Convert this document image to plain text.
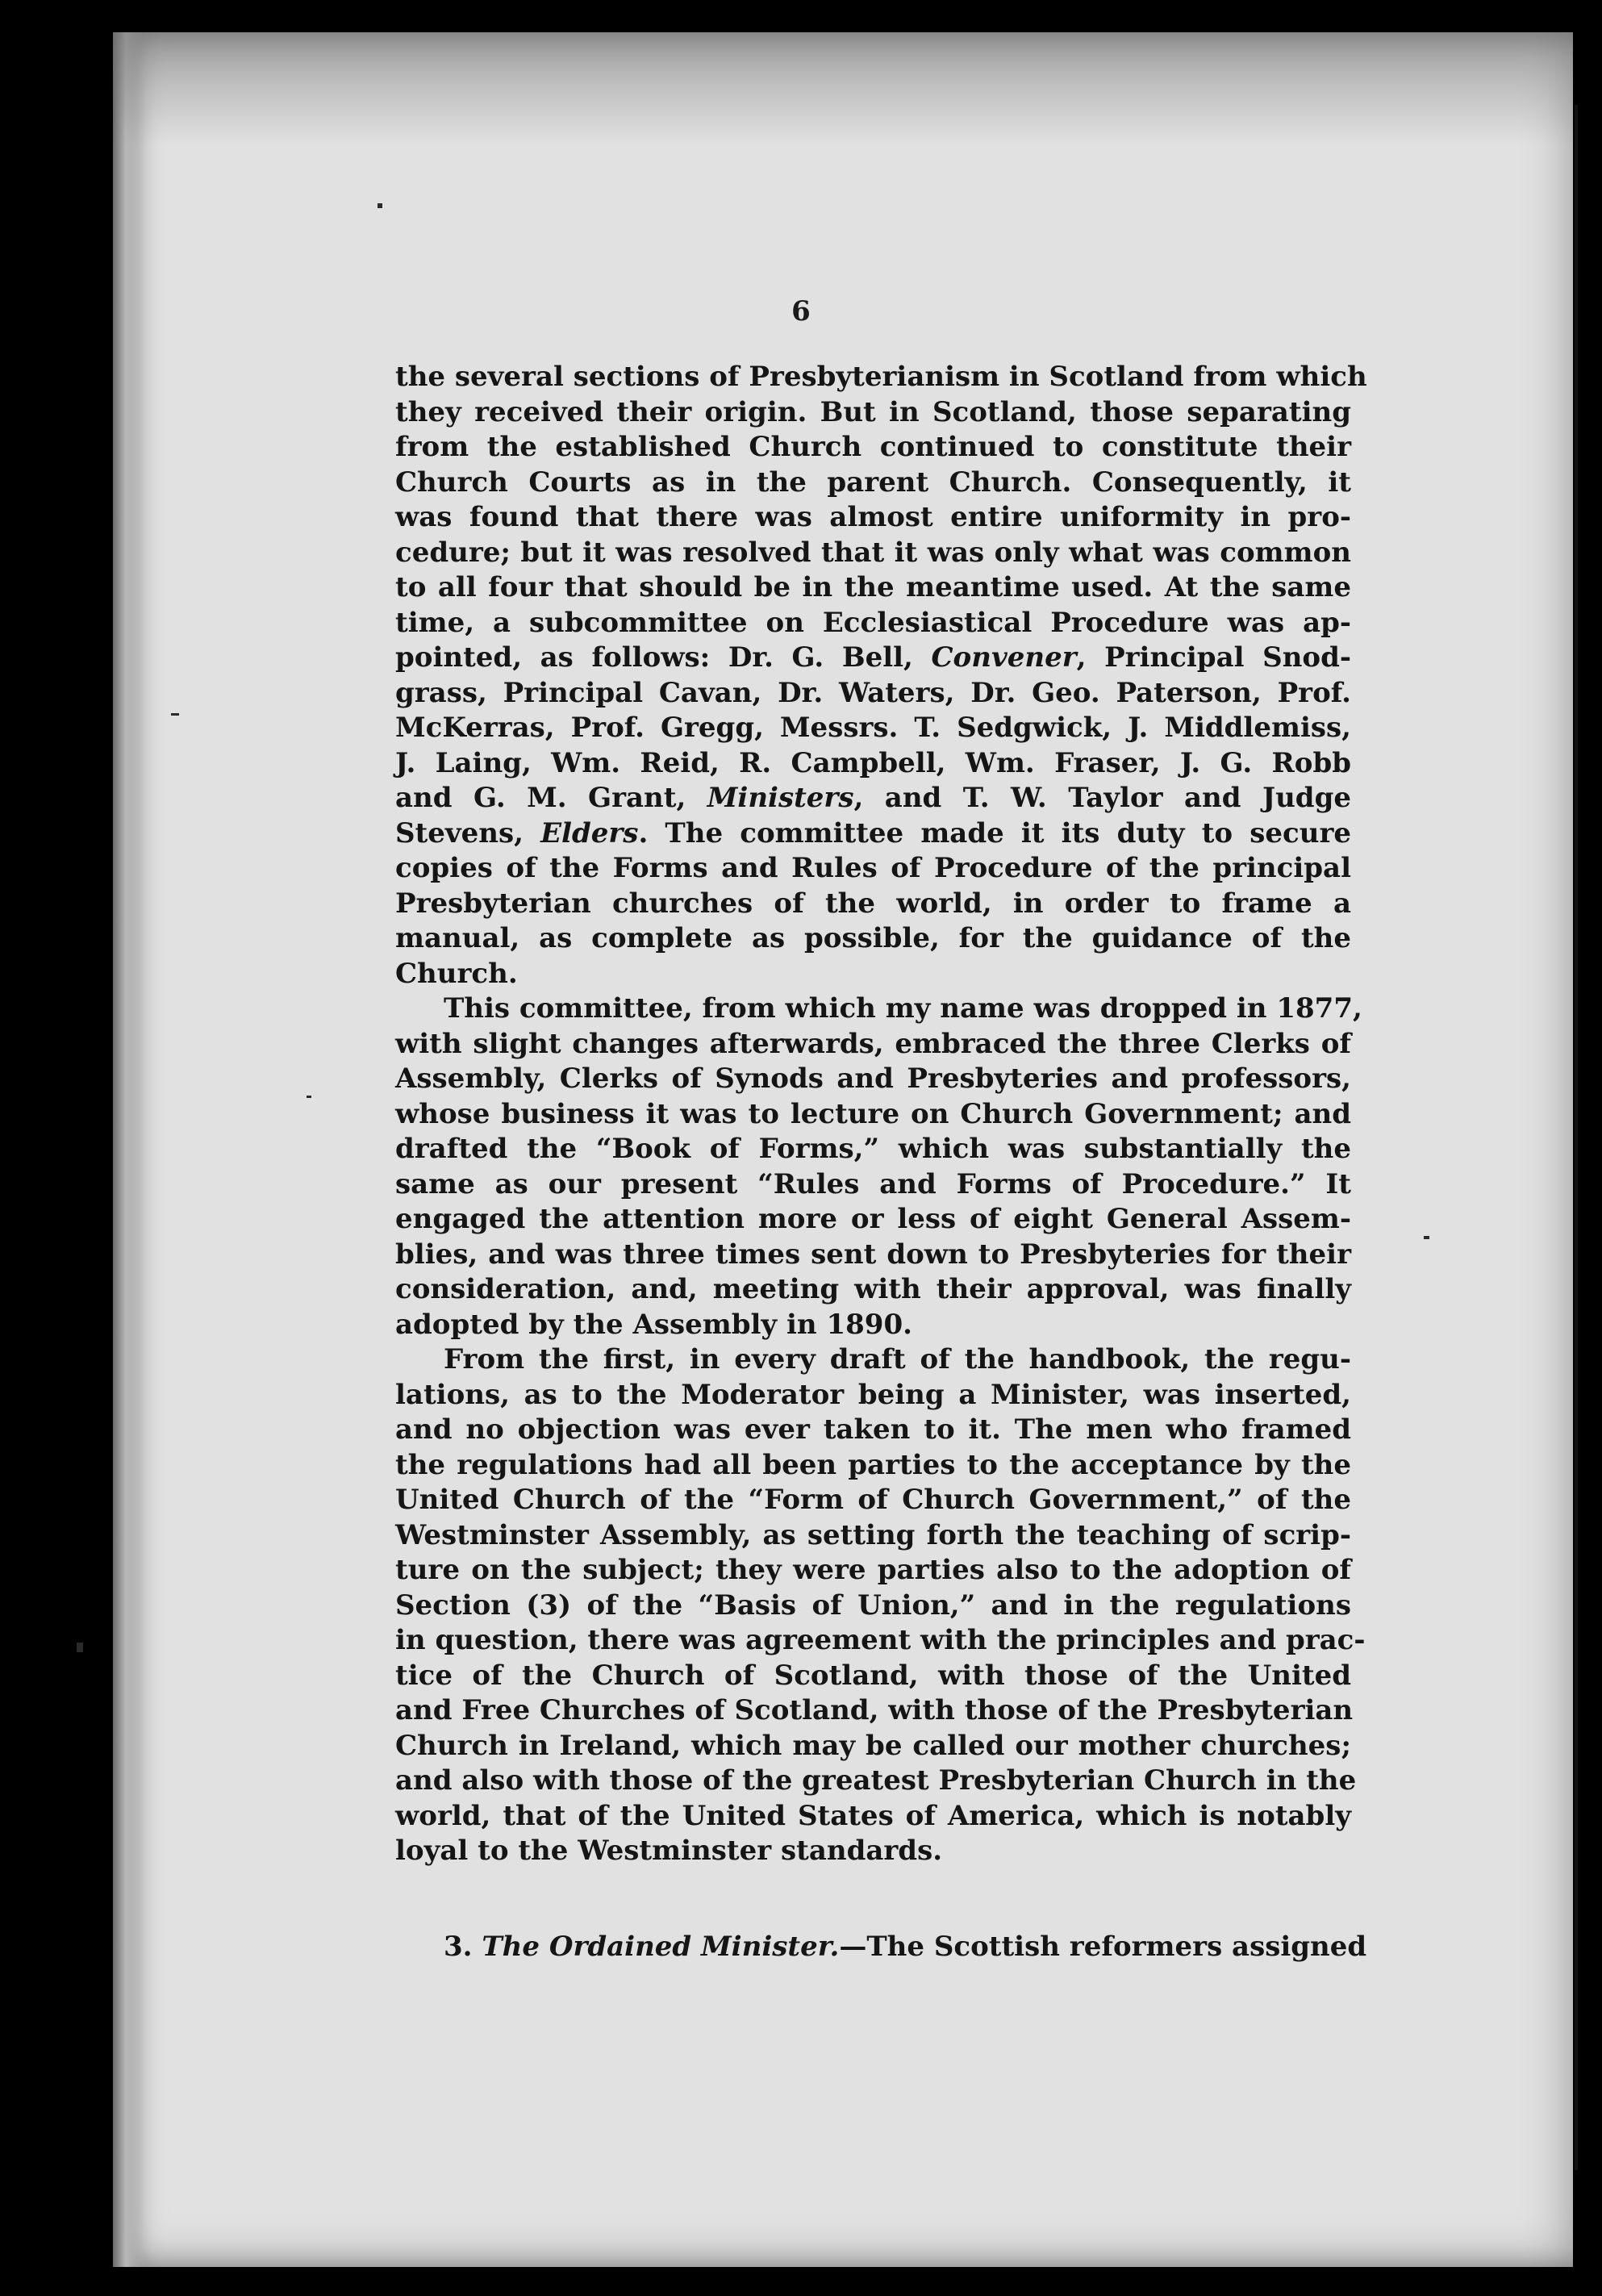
6
the several sections of Presbyterianism in Scotland from which
they received their origin. But in Scotland, those separating
from the established Church continued to constitute their
Church Courts as in the parent Church. Consequently, it
was found that there was almost entire uniformity in pro-
cedure; but it was resolved that it was only what was common
to all four that should be in the meantime used. At the same
time, a subcommittee on Ecclesiastical Procedure was ap-
pointed, as follows: Dr. G. Bell, Convener, Principal Snod-
grass, Principal Cavan, Dr. Waters, Dr. Geo. Paterson, Prof.
McKerras, Prof. Gregg, Messrs. T. Sedgwick, J. Middlemiss,
J. Laing, Wm. Reid, R. Campbell, Wm. Fraser, J. G. Robb
and G. M. Grant, Ministers, and T. W. Taylor and Judge
Stevens, Elders. The committee made it its duty to secure
copies of the Forms and Rules of Procedure of the principal
Presbyterian churches of the world, in order to frame a
manual, as complete as possible, for the guidance of the
Church.
This committee, from which my name was dropped in 1877,
with slight changes afterwards, embraced the three Clerks of
Assembly, Clerks of Synods and Presbyteries and professors,
whose business it was to lecture on Church Government; and
drafted the “Book of Forms,” which was substantially the
same as our present “Rules and Forms of Procedure.” It
engaged the attention more or less of eight General Assem-
blies, and was three times sent down to Presbyteries for their
consideration, and, meeting with their approval, was finally
adopted by the Assembly in 1890.
From the first, in every draft of the handbook, the regu-
lations, as to the Moderator being a Minister, was inserted,
and no objection was ever taken to it. The men who framed
the regulations had all been parties to the acceptance by the
United Church of the “Form of Church Government,” of the
Westminster Assembly, as setting forth the teaching of scrip-
ture on the subject; they were parties also to the adoption of
Section (3) of the “Basis of Union,” and in the regulations
in question, there was agreement with the principles and prac-
tice of the Church of Scotland, with those of the United
and Free Churches of Scotland, with those of the Presbyterian
Church in Ireland, which may be called our mother churches;
and also with those of the greatest Presbyterian Church in the
world, that of the United States of America, which is notably
loyal to the Westminster standards.
3. The Ordained Minister.—The Scottish reformers assigned
